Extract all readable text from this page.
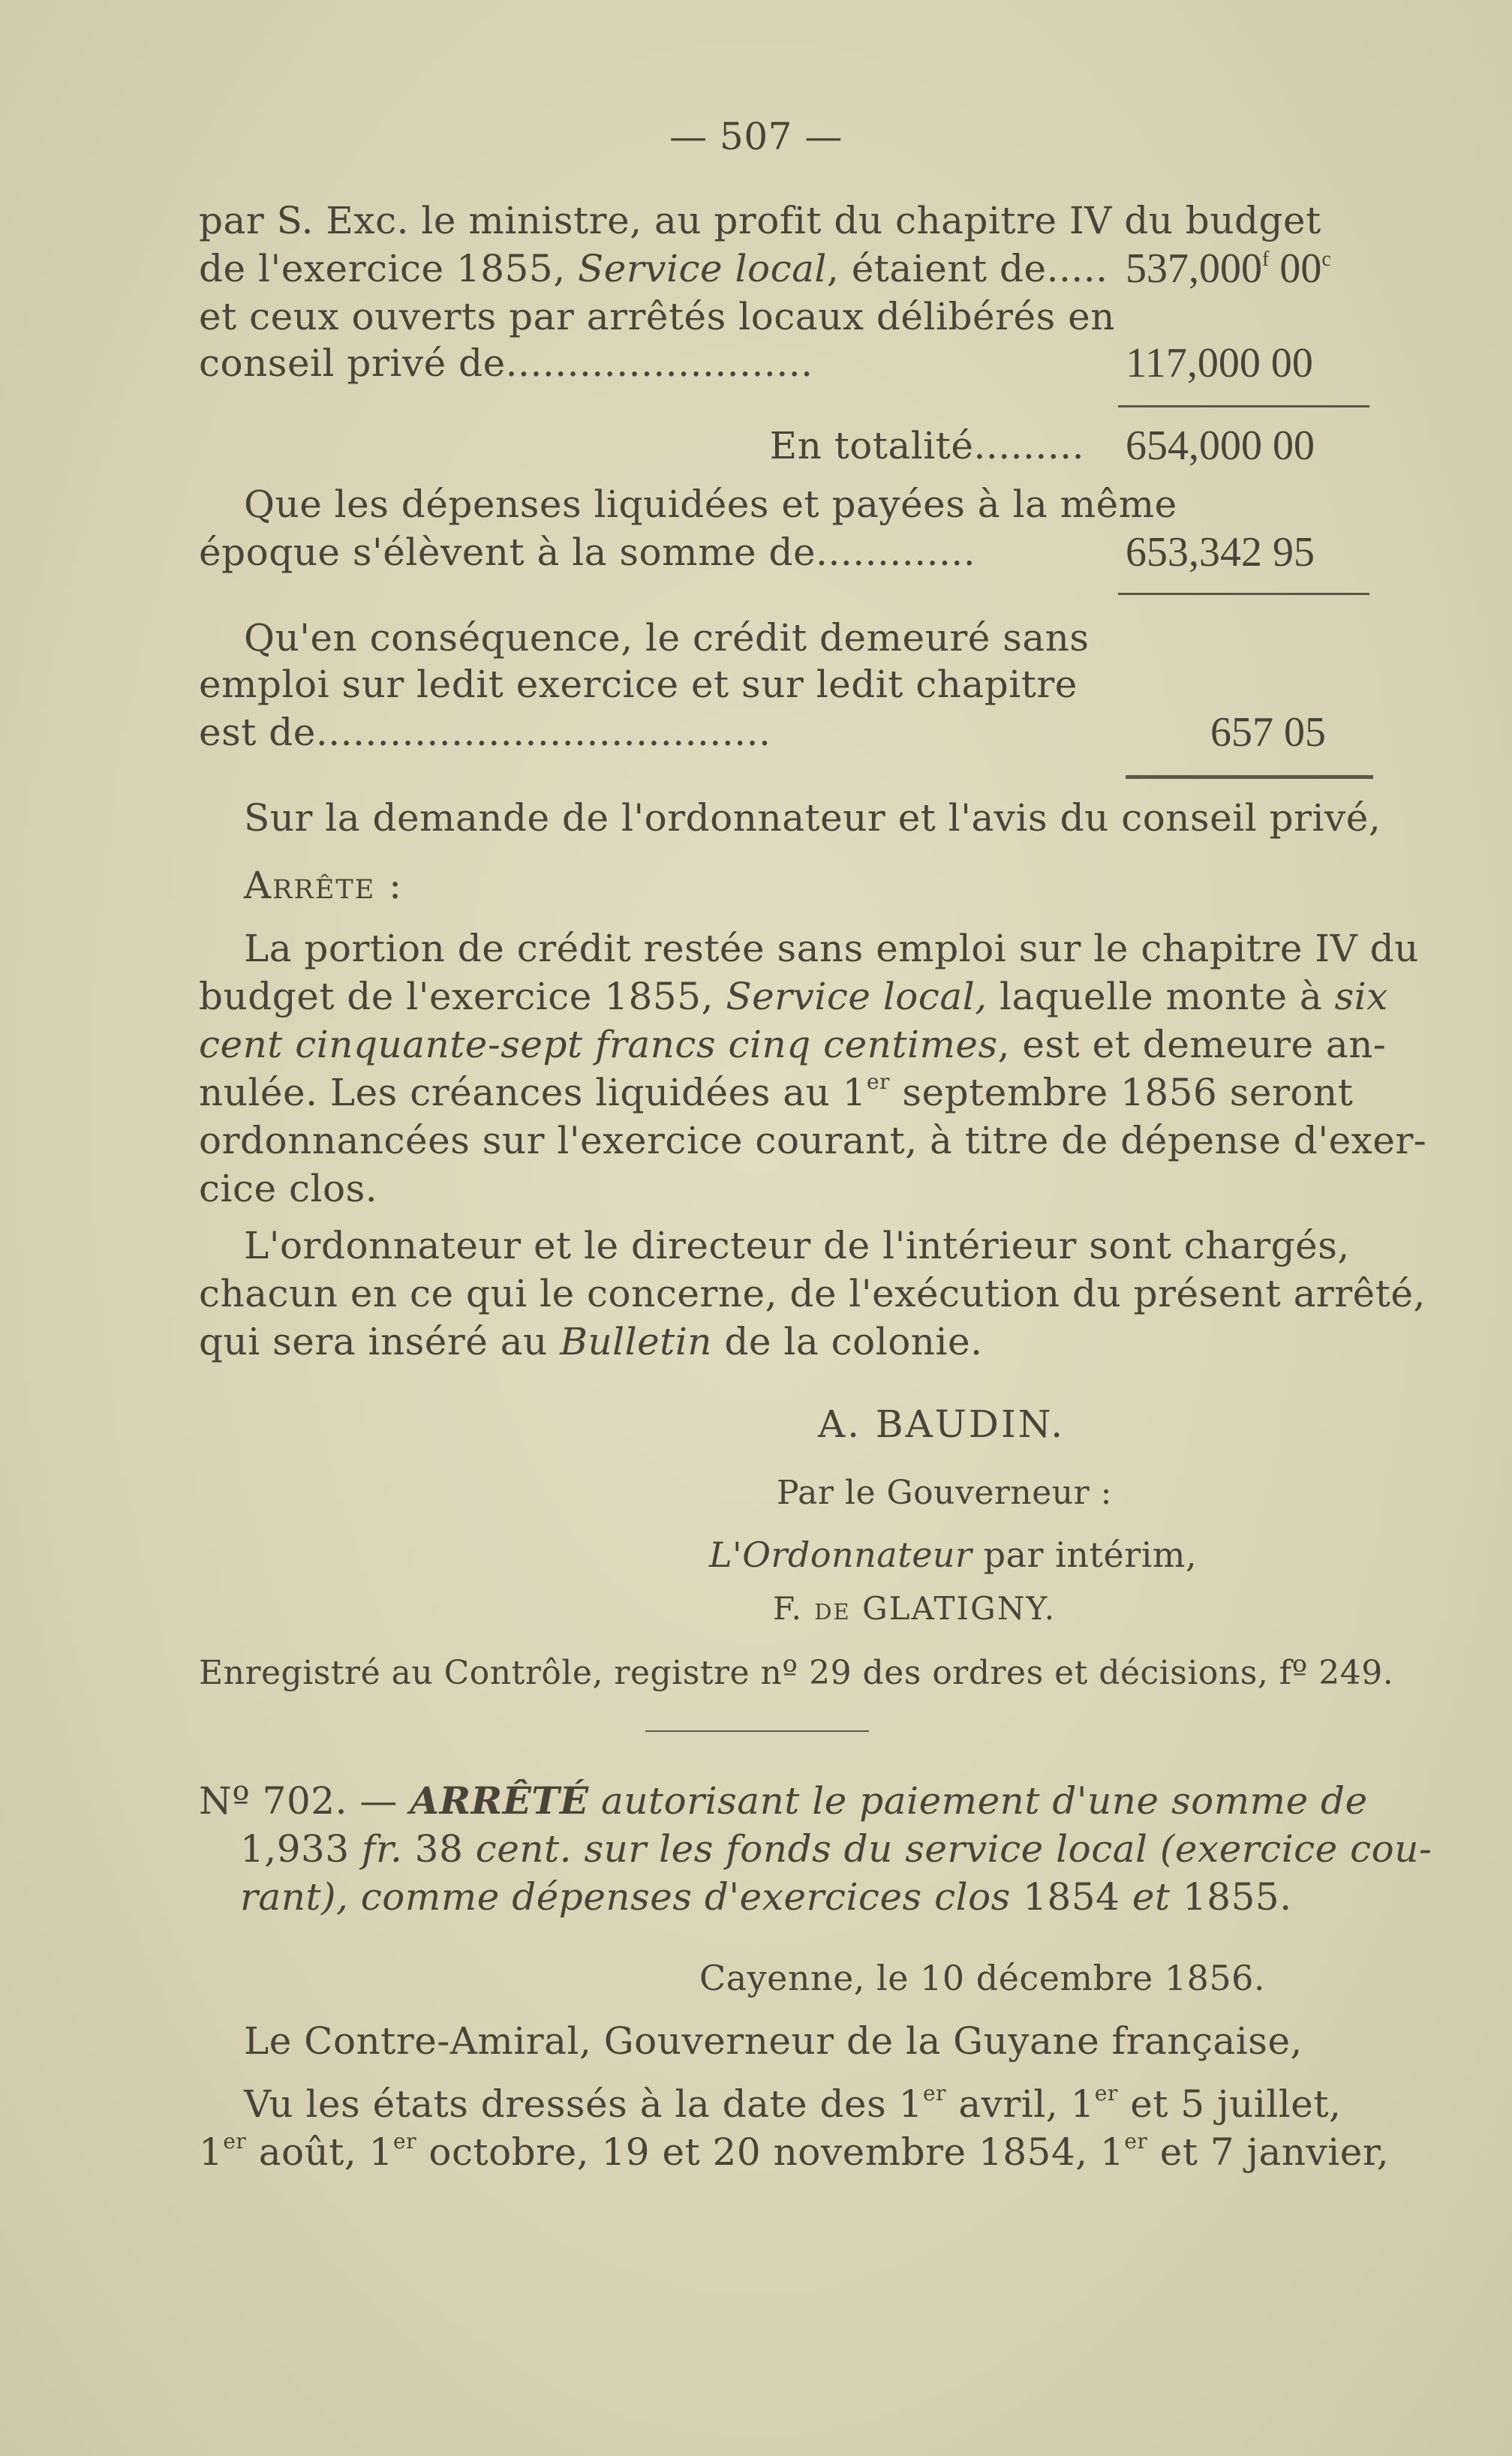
— 507 —
par S. Exc. le ministre, au profit du chapitre IV du budget
de l'exercice 1855, Service local, étaient de..... 537,000$^f$ 00$^c$
et ceux ouverts par arrêtés locaux délibérés en
conseil privé de.........................	117,000 00
En totalité......... 654,000 00
Que les dépenses liquidées et payées à la même
époque s'élèvent à la somme de.............	653,342 95
Qu'en conséquence, le crédit demeuré sans
emploi sur ledit exercice et sur ledit chapitre
est de.....................................	657 05
Sur la demande de l'ordonnateur et l'avis du conseil privé,
Arrête :
La portion de crédit restée sans emploi sur le chapitre IV du
budget de l'exercice 1855, Service local, laquelle monte à six
cent cinquante-sept francs cinq centimes, est et demeure an-
nulée. Les créances liquidées au 1er septembre 1856 seront
ordonnancées sur l'exercice courant, à titre de dépense d'exer-
cice clos.
L'ordonnateur et le directeur de l'intérieur sont chargés,
chacun en ce qui le concerne, de l'exécution du présent arrêté,
qui sera inséré au Bulletin de la colonie.
A. BAUDIN.
Par le Gouverneur :
L'Ordonnateur par intérim,
F. de GLATIGNY.
Enregistré au Contrôle, registre nº 29 des ordres et décisions, fº 249.
Nº 702. — ARRÊTÉ autorisant le paiement d'une somme de
1,933 fr. 38 cent. sur les fonds du service local (exercice cou-
rant), comme dépenses d'exercices clos 1854 et 1855.
Cayenne, le 10 décembre 1856.
Le Contre-Amiral, Gouverneur de la Guyane française,
Vu les états dressés à la date des 1er avril, 1er et 5 juillet,
1er août, 1er octobre, 19 et 20 novembre 1854, 1er et 7 janvier,
